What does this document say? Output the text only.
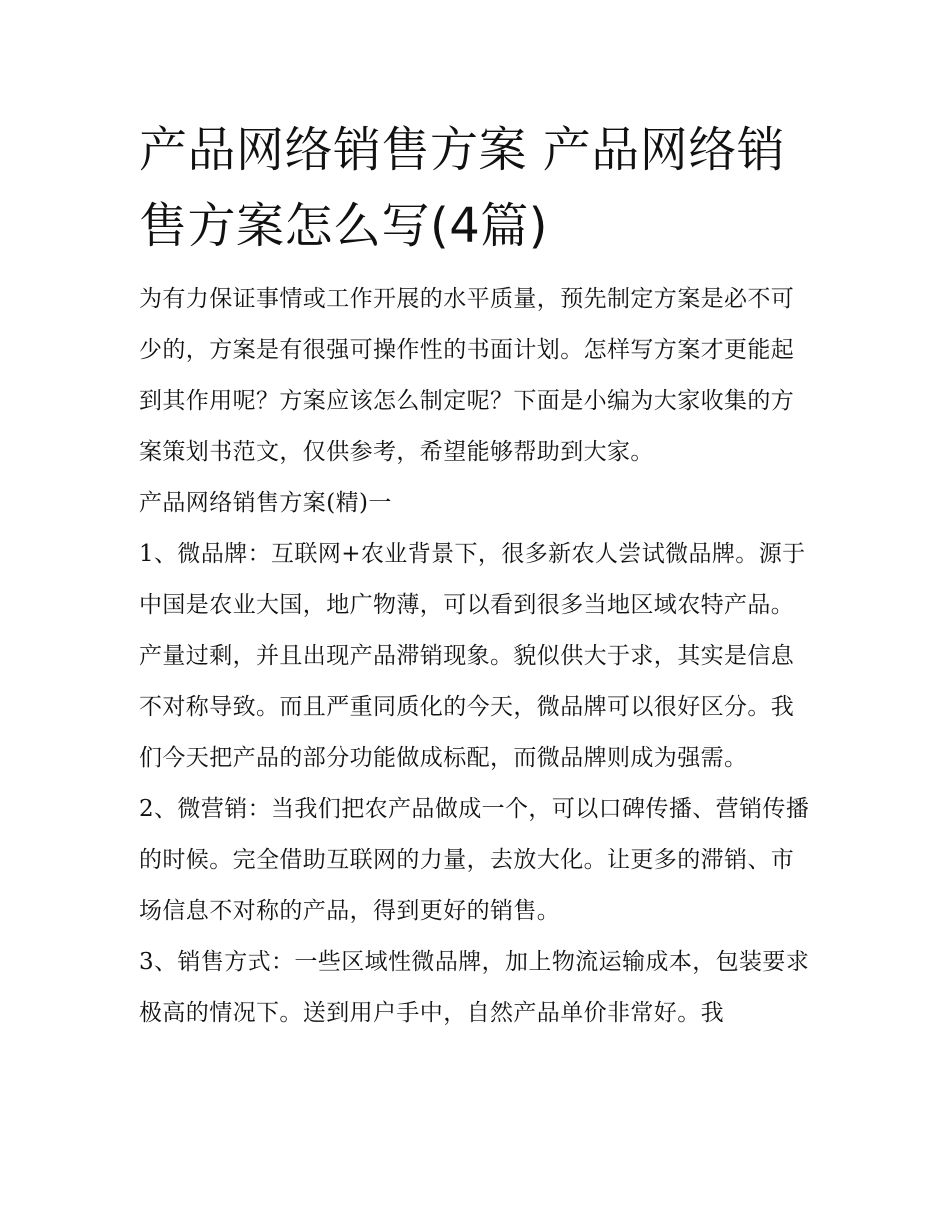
产品网络销售方案 产品网络销售方案怎么写(4篇)

为有力保证事情或工作开展的水平质量，预先制定方案是必不可少的，方案是有很强可操作性的书面计划。怎样写方案才更能起到其作用呢？方案应该怎么制定呢？下面是小编为大家收集的方案策划书范文，仅供参考，希望能够帮助到大家。

产品网络销售方案(精)一

1、微品牌：互联网+农业背景下，很多新农人尝试微品牌。源于中国是农业大国，地广物薄，可以看到很多当地区域农特产品。产量过剩，并且出现产品滞销现象。貌似供大于求，其实是信息不对称导致。而且严重同质化的今天，微品牌可以很好区分。我们今天把产品的部分功能做成标配，而微品牌则成为强需。

2、微营销：当我们把农产品做成一个，可以口碑传播、营销传播的时候。完全借助互联网的力量，去放大化。让更多的滞销、市场信息不对称的产品，得到更好的销售。

3、销售方式：一些区域性微品牌，加上物流运输成本，包装要求极高的情况下。送到用户手中，自然产品单价非常好。我
